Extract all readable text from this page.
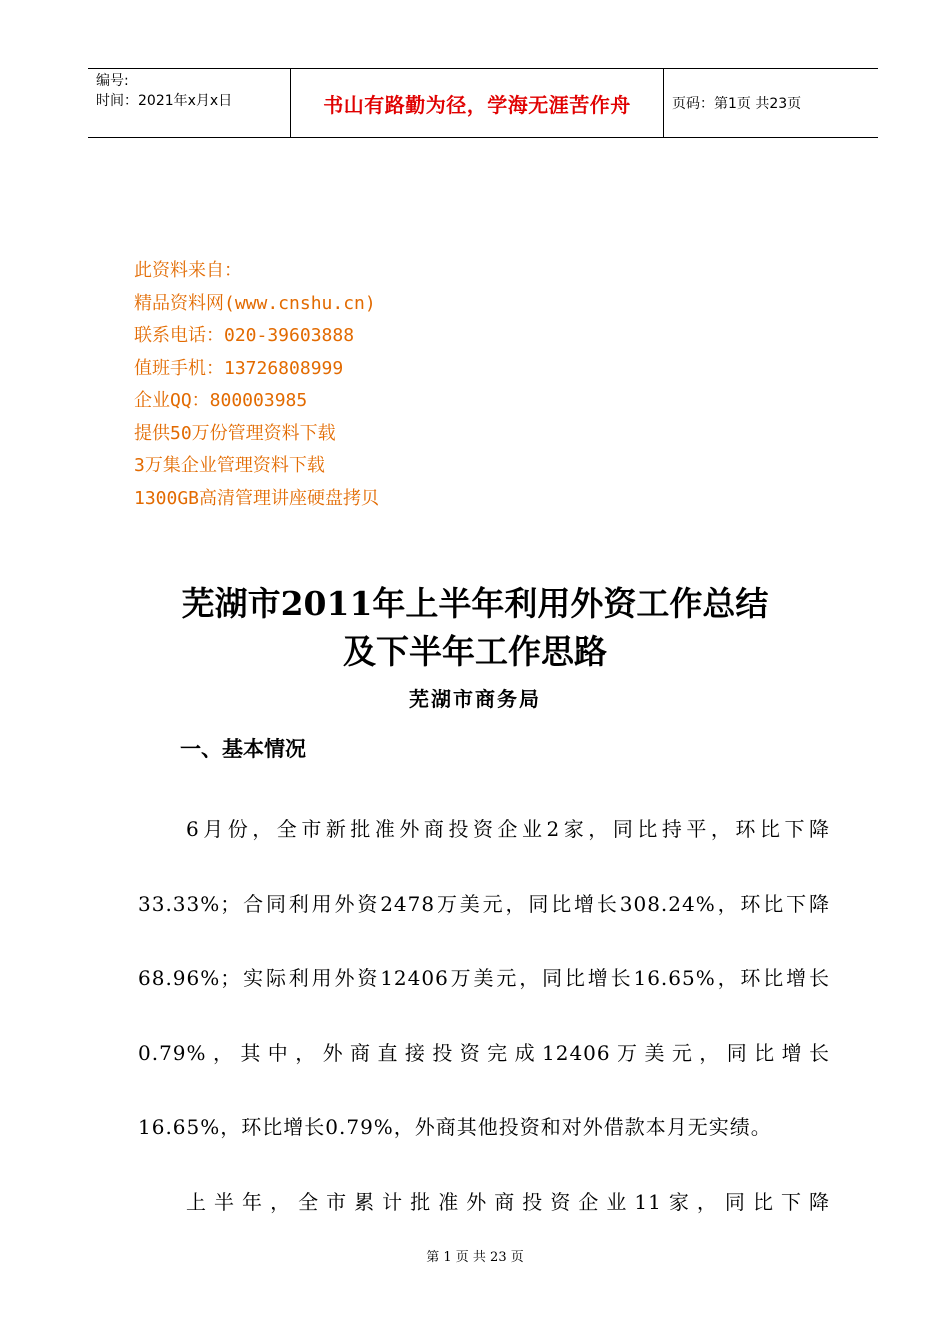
编号:
时间：2021年x月x日	书山有路勤为径，学海无涯苦作舟	页码：第1页 共23页
此资料来自：
精品资料网(www.cnshu.cn)
联系电话：020-39603888
值班手机：13726808999
企业QQ：800003985
提供50万份管理资料下载
3万集企业管理资料下载
1300GB高清管理讲座硬盘拷贝
芜湖市2011年上半年利用外资工作总结
及下半年工作思路
芜湖市商务局
一、基本情况
6月份，全市新批准外商投资企业2家，同比持平，环比下降
33.33%；合同利用外资2478万美元，同比增长308.24%，环比下降
68.96%；实际利用外资12406万美元，同比增长16.65%，环比增长
0.79%，其中，外商直接投资完成12406万美元，同比增长
16.65%，环比增长0.79%，外商其他投资和对外借款本月无实绩。
上半年，全市累计批准外商投资企业11家，同比下降
第 1 页 共 23 页
